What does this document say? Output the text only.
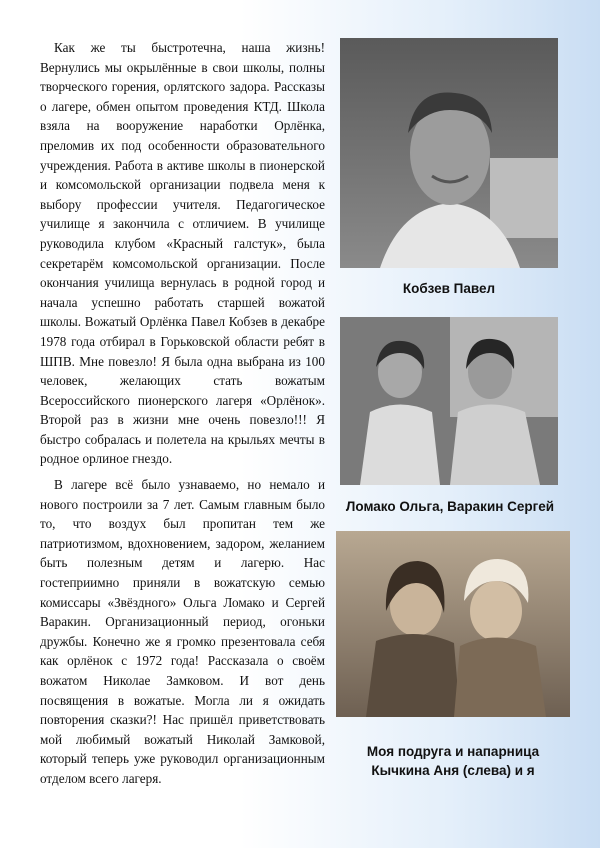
Как же ты быстротечна, наша жизнь! Вернулись мы окрылённые в свои школы, полны творческого горения, орлятского задора. Рассказы о лагере, обмен опытом проведения КТД. Школа взяла на вооружение наработки Орлёнка, преломив их под особенности образовательного учреждения. Работа в активе школы в пионерской и комсомольской организации подвела меня к выбору профессии учителя. Педагогическое училище я закончила с отличием. В училище руководила клубом «Красный галстук», была секретарём комсомольской организации. После окончания училища вернулась в родной город и начала успешно работать старшей вожатой школы. Вожатый Орлёнка Павел Кобзев в декабре 1978 года отбирал в Горьковской области ребят в ШПВ. Мне повезло! Я была одна выбрана из 100 человек, желающих стать вожатым Всероссийского пионерского лагеря «Орлёнок». Второй раз в жизни мне очень повезло!!! Я быстро собралась и полетела на крыльях мечты в родное орлиное гнездо.

В лагере всё было узнаваемо, но немало и нового построили за 7 лет. Самым главным было то, что воздух был пропитан тем же патриотизмом, вдохновением, задором, желанием быть полезным детям и лагерю. Нас гостеприимно приняли в вожатскую семью комиссары «Звёздного» Ольга Ломако и Сергей Варакин. Организационный период, огоньки дружбы. Конечно же я громко презентовала себя как орлёнок с 1972 года! Рассказала о своём вожатом Николае Замковом. И вот день посвящения в вожатые. Могла ли я ожидать повторения сказки?! Нас пришёл приветствовать мой любимый вожатый Николай Замковой, который теперь уже руководил организационным отделом всего лагеря.

Кобзев Павел
Ломако Ольга, Варакин Сергей
Моя подруга и напарница
Кычкина Аня (слева) и я
